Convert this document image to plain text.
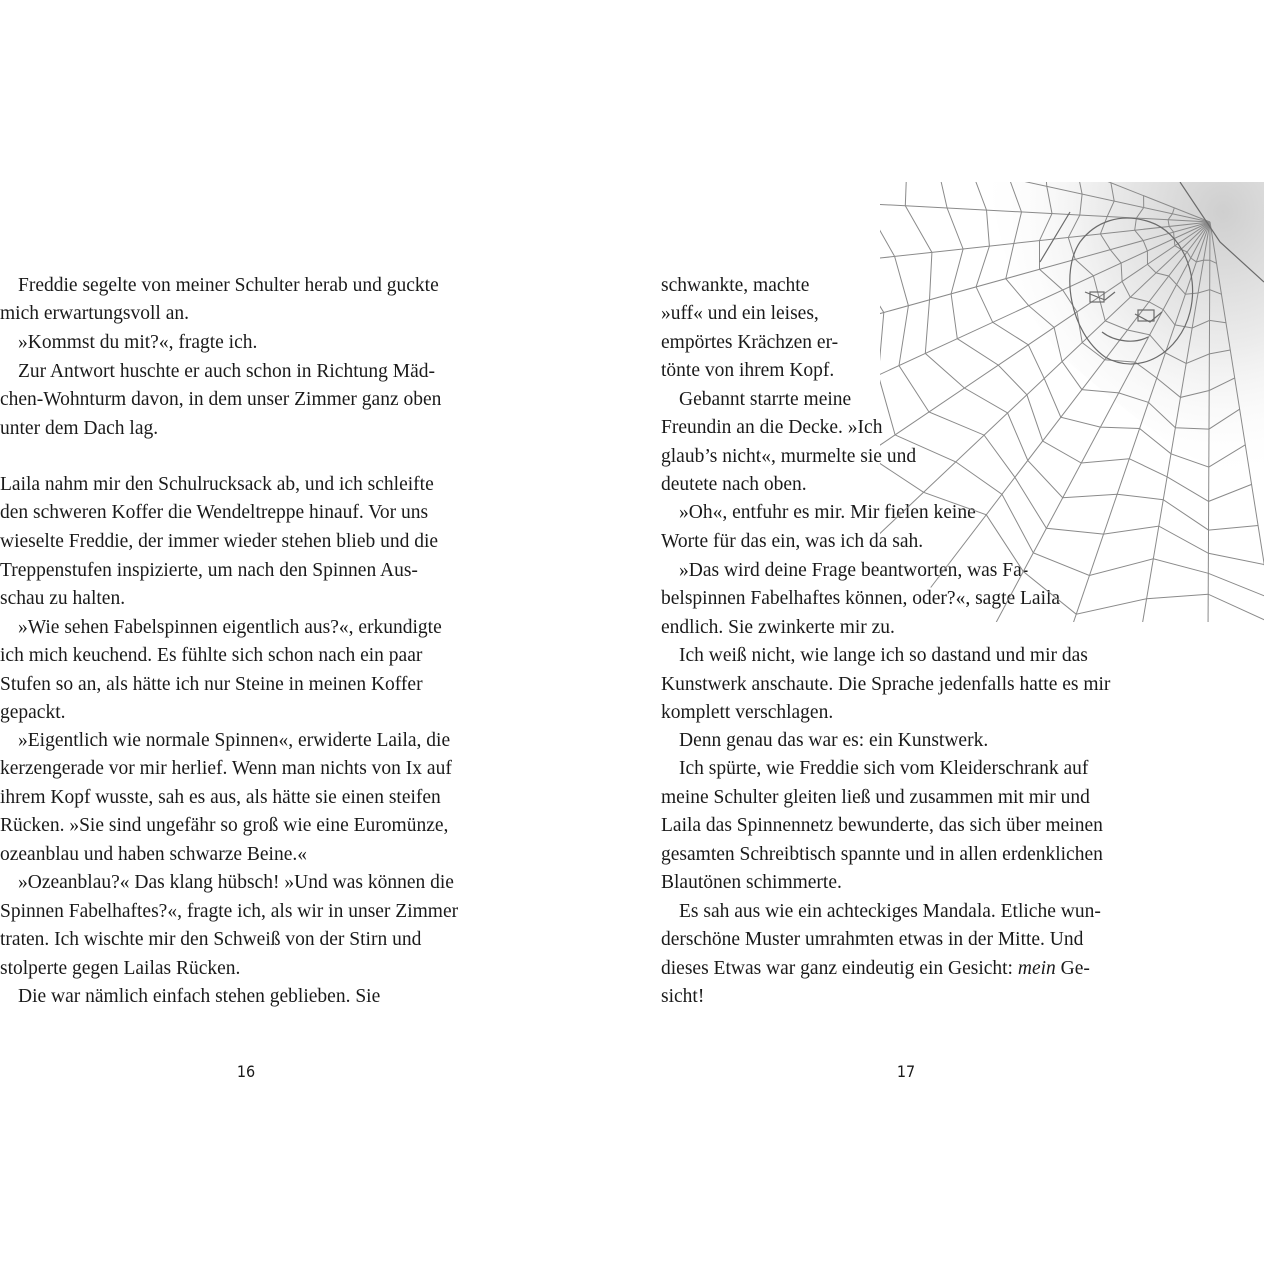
Freddie segelte von meiner Schulter herab und guckte

mich erwartungsvoll an.

»Kommst du mit?«, fragte ich.

Zur Antwort huschte er auch schon in Richtung Mäd-

chen-Wohnturm davon, in dem unser Zimmer ganz oben

unter dem Dach lag.

Laila nahm mir den Schulrucksack ab, und ich schleifte

den schweren Koffer die Wendeltreppe hinauf. Vor uns

wieselte Freddie, der immer wieder stehen blieb und die

Treppenstufen inspizierte, um nach den Spinnen Aus-

schau zu halten.

»Wie sehen Fabelspinnen eigentlich aus?«, erkundigte

ich mich keuchend. Es fühlte sich schon nach ein paar

Stufen so an, als hätte ich nur Steine in meinen Koffer

gepackt.

»Eigentlich wie normale Spinnen«, erwiderte Laila, die

kerzengerade vor mir herlief. Wenn man nichts von Ix auf

ihrem Kopf wusste, sah es aus, als hätte sie einen steifen

Rücken. »Sie sind ungefähr so groß wie eine Euromünze,

ozeanblau und haben schwarze Beine.«

»Ozeanblau?« Das klang hübsch! »Und was können die

Spinnen Fabelhaftes?«, fragte ich, als wir in unser Zimmer

traten. Ich wischte mir den Schweiß von der Stirn und

stolperte gegen Lailas Rücken.

Die war nämlich einfach stehen geblieben. Sie

16

schwankte, machte

»uff« und ein leises,

empörtes Krächzen er-

tönte von ihrem Kopf.

Gebannt starrte meine

Freundin an die Decke. »Ich

glaub’s nicht«, murmelte sie und

deutete nach oben.

»Oh«, entfuhr es mir. Mir fielen keine

Worte für das ein, was ich da sah.

»Das wird deine Frage beantworten, was Fa-

belspinnen Fabelhaftes können, oder?«, sagte Laila

endlich. Sie zwinkerte mir zu.

Ich weiß nicht, wie lange ich so dastand und mir das

Kunstwerk anschaute. Die Sprache jedenfalls hatte es mir

komplett verschlagen.

Denn genau das war es: ein Kunstwerk.

Ich spürte, wie Freddie sich vom Kleiderschrank auf

meine Schulter gleiten ließ und zusammen mit mir und

Laila das Spinnennetz bewunderte, das sich über meinen

gesamten Schreibtisch spannte und in allen erdenklichen

Blautönen schimmerte.

Es sah aus wie ein achteckiges Mandala. Etliche wun-

derschöne Muster umrahmten etwas in der Mitte. Und

dieses Etwas war ganz eindeutig ein Gesicht: mein Ge-

sicht!

17
